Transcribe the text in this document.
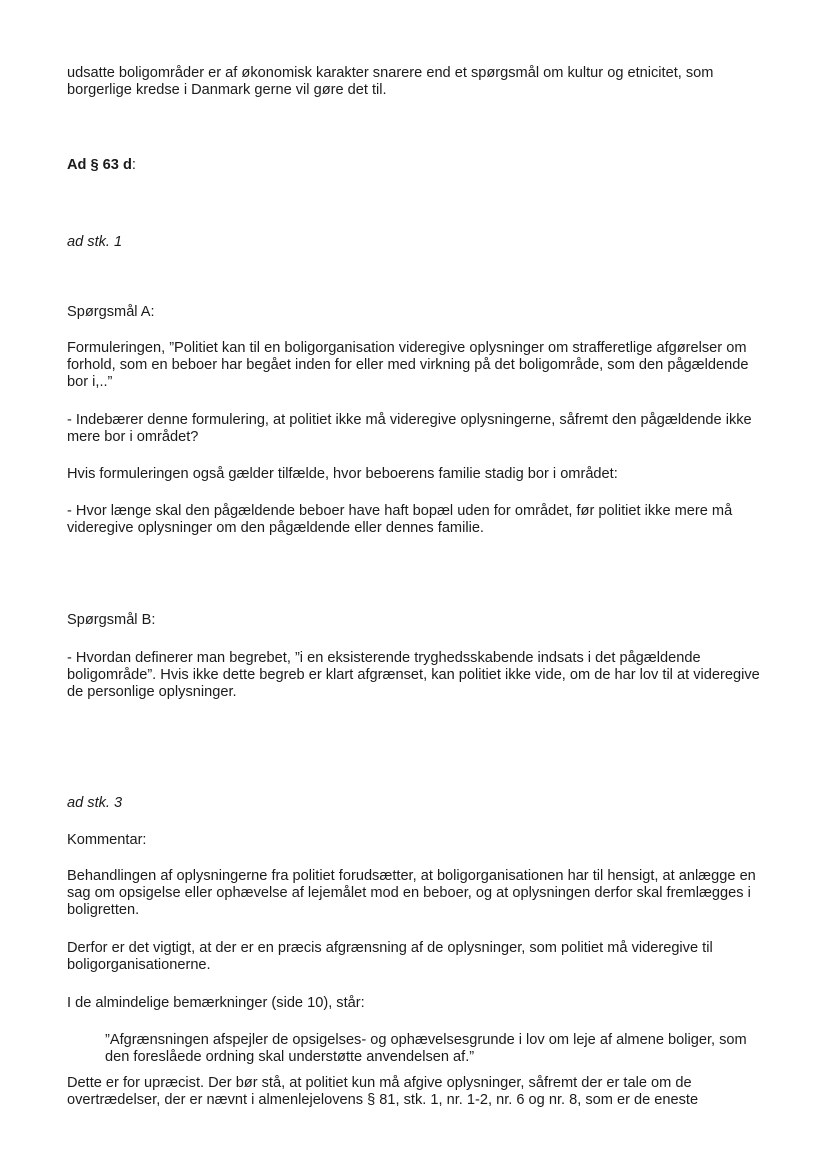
udsatte boligområder er af økonomisk karakter snarere end et spørgsmål om kultur og etnicitet, som borgerlige kredse i Danmark gerne vil gøre det til.

Ad § 63 d:

ad stk. 1

Spørgsmål A:

Formuleringen, ”Politiet kan til en boligorganisation videregive oplysninger om strafferetlige afgørelser om forhold, som en beboer har begået inden for eller med virkning på det boligområde, som den pågældende bor i,..”

- Indebærer denne formulering, at politiet ikke må videregive oplysningerne, såfremt den pågældende ikke mere bor i området?

Hvis formuleringen også gælder tilfælde, hvor beboerens familie stadig bor i området:

- Hvor længe skal den pågældende beboer have haft bopæl uden for området, før politiet ikke mere må videregive oplysninger om den pågældende eller dennes familie.

Spørgsmål B:

- Hvordan definerer man begrebet, ”i en eksisterende tryghedsskabende indsats i det pågældende boligområde”. Hvis ikke dette begreb er klart afgrænset, kan politiet ikke vide, om de har lov til at videregive de personlige oplysninger.

ad stk. 3

Kommentar:

Behandlingen af oplysningerne fra politiet forudsætter, at boligorganisationen har til hensigt, at anlægge en sag om opsigelse eller ophævelse af lejemålet mod en beboer, og at oplysningen derfor skal fremlægges i boligretten.

Derfor er det vigtigt, at der er en præcis afgrænsning af de oplysninger, som politiet må videregive til boligorganisationerne.

I de almindelige bemærkninger (side 10), står:

”Afgrænsningen afspejler de opsigelses- og ophævelsesgrunde i lov om leje af almene boliger, som den foreslåede ordning skal understøtte anvendelsen af.”

Dette er for upræcist. Der bør stå, at politiet kun må afgive oplysninger, såfremt der er tale om de overtrædelser, der er nævnt i almenlejelovens § 81, stk. 1, nr. 1-2, nr. 6 og nr. 8, som er de eneste
